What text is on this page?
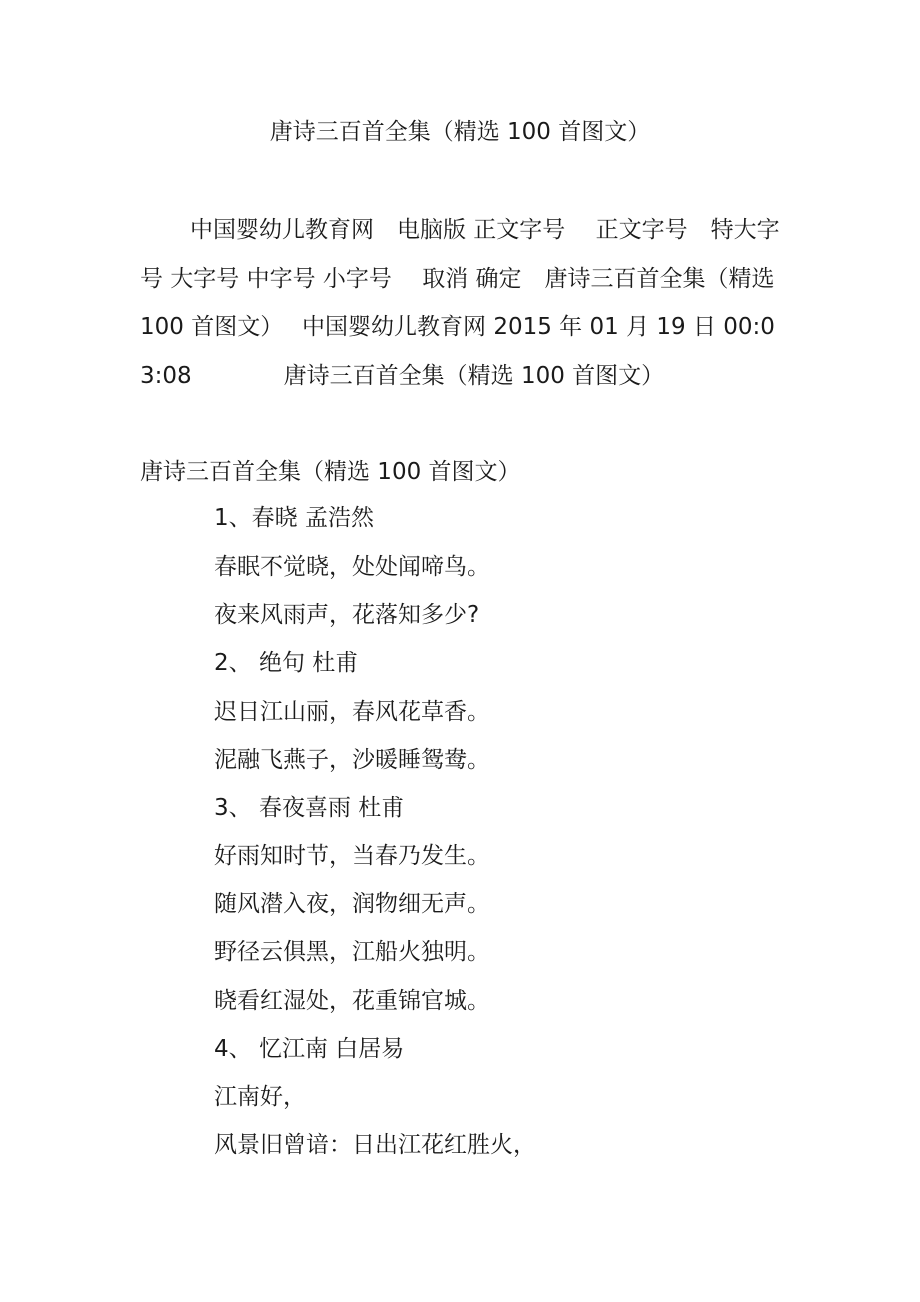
唐诗三百首全集（精选 100 首图文）

中国婴幼儿教育网　电脑版 正文字号　 正文字号　特大字号 大字号 中字号 小字号　 取消 确定　唐诗三百首全集（精选 100 首图文）　 中国婴幼儿教育网 2015 年 01 月 19 日 00:03:08　　　　唐诗三百首全集（精选 100 首图文）

唐诗三百首全集（精选 100 首图文）

1、春晓 孟浩然

春眠不觉晓，处处闻啼鸟。

夜来风雨声，花落知多少?

2、 绝句 杜甫

迟日江山丽，春风花草香。

泥融飞燕子，沙暖睡鸳鸯。

3、 春夜喜雨 杜甫

好雨知时节，当春乃发生。

随风潜入夜，润物细无声。

野径云俱黑，江船火独明。

晓看红湿处，花重锦官城。

4、 忆江南 白居易

江南好，

风景旧曾谙：日出江花红胜火，
